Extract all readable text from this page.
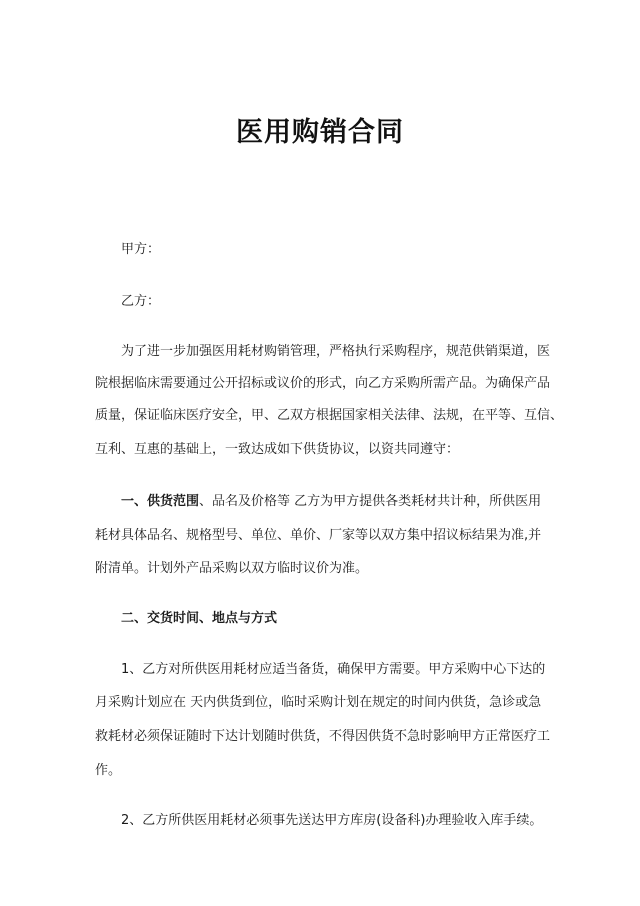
医用购销合同
甲方：
乙方：
为了进一步加强医用耗材购销管理，严格执行采购程序，规范供销渠道，医
院根据临床需要通过公开招标或议价的形式，向乙方采购所需产品。为确保产品
质量，保证临床医疗安全，甲、乙双方根据国家相关法律、法规，在平等、互信、
互利、互惠的基础上，一致达成如下供货协议，以资共同遵守：
一、供货范围、品名及价格等 乙方为甲方提供各类耗材共计种，所供医用
耗材具体品名、规格型号、单位、单价、厂家等以双方集中招议标结果为准,并
附清单。计划外产品采购以双方临时议价为准。
二、交货时间、地点与方式
1、乙方对所供医用耗材应适当备货，确保甲方需要。甲方采购中心下达的
月采购计划应在 天内供货到位，临时采购计划在规定的时间内供货，急诊或急
救耗材必须保证随时下达计划随时供货，不得因供货不急时影响甲方正常医疗工
作。
2、乙方所供医用耗材必须事先送达甲方库房(设备科)办理验收入库手续。
